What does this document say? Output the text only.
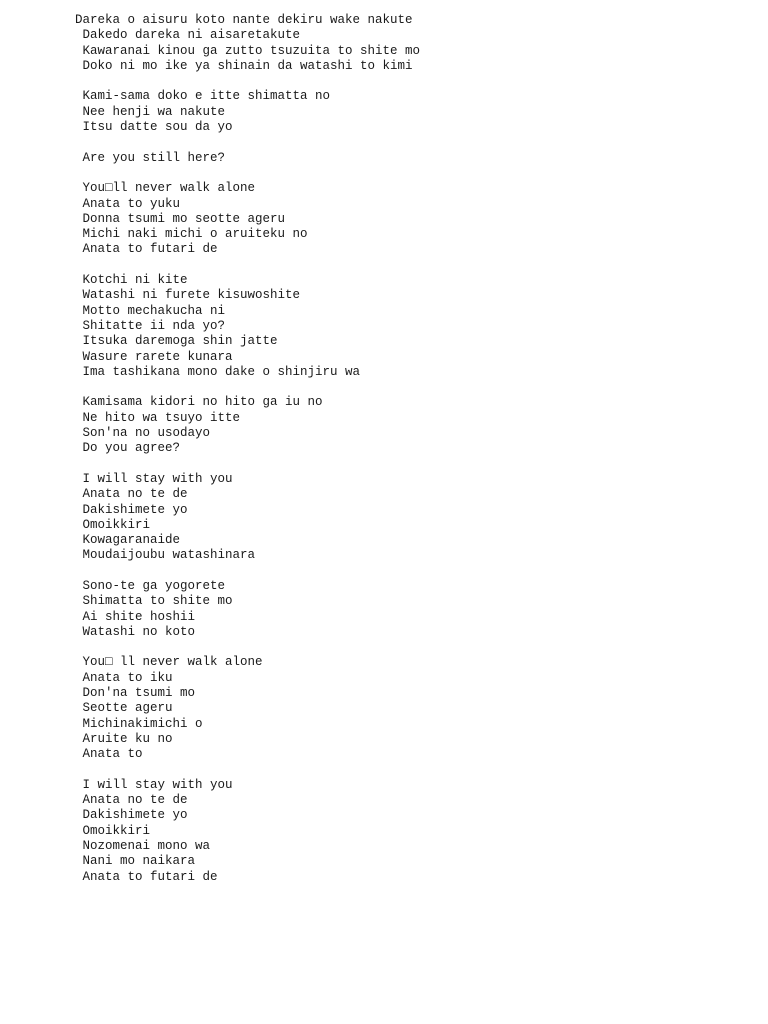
Dareka o aisuru koto nante dekiru wake nakute
Dakedo dareka ni aisaretakute
Kawaranai kinou ga zutto tsuzuita to shite mo
Doko ni mo ike ya shinain da watashi to kimi
Kami-sama doko e itte shimatta no
Nee henji wa nakute
Itsu datte sou da yo
Are you still here?
You□ll never walk alone
Anata to yuku
Donna tsumi mo seotte ageru
Michi naki michi o aruiteku no
Anata to futari de
Kotchi ni kite
Watashi ni furete kisuwoshite
Motto mechakucha ni
Shitatte ii nda yo?
Itsuka daremoga shin jatte
Wasure rarete kunara
Ima tashikana mono dake o shinjiru wa
Kamisama kidori no hito ga iu no
Ne hito wa tsuyo itte
Son'na no usodayo
Do you agree?
I will stay with you
Anata no te de
Dakishimete yo
Omoikkiri
Kowagaranaide
Moudaijoubu watashinara
Sono-te ga yogorete
Shimatta to shite mo
Ai shite hoshii
Watashi no koto
You□ ll never walk alone
Anata to iku
Don'na tsumi mo
Seotte ageru
Michinakimichi o
Aruite ku no
Anata to
I will stay with you
Anata no te de
Dakishimete yo
Omoikkiri
Nozomenai mono wa
Nani mo naikara
Anata to futari de
